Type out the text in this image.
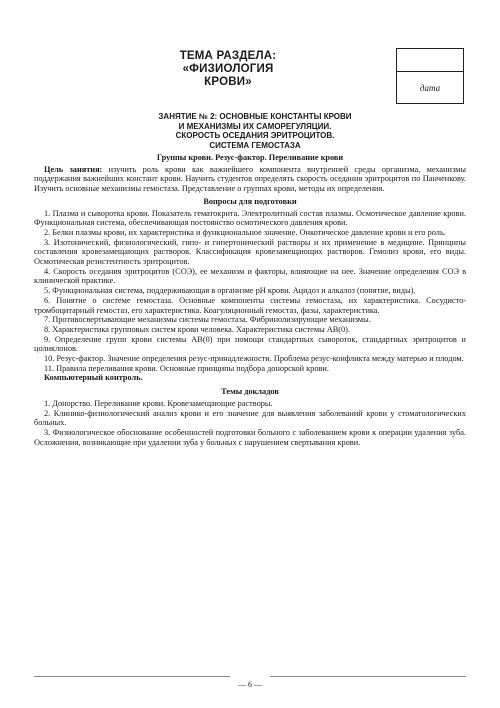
ТЕМА РАЗДЕЛА:
«ФИЗИОЛОГИЯ КРОВИ»	дата
ЗАНЯТИЕ № 2: ОСНОВНЫЕ КОНСТАНТЫ КРОВИ
И МЕХАНИЗМЫ ИХ САМОРЕГУЛЯЦИИ.
СКОРОСТЬ ОСЕДАНИЯ ЭРИТРОЦИТОВ.
СИСТЕМА ГЕМОСТАЗА

Группы крови. Резус-фактор. Переливание крови

Цель занятия: изучить роль крови как важнейшего компонента внутренней среды организма, механизмы поддержания важнейших констант крови. Научить студентов определять скорость оседания эритроцитов по Панченкову. Изучить основные механизмы гемостаза. Представление о группах крови, методы их определения.

Вопросы для подготовки

1. Плазма и сыворотка крови. Показатель гематокрита. Электролитный состав плазмы. Осмотическое давление крови. Функциональная система, обеспечивающая постоянство осмотического давления крови.

2. Белки плазмы крови, их характеристика и функциональное значение. Онкотическое давление крови и его роль.

3. Изотонический, физиологический, гипо- и гипертонический растворы и их применение в медицине. Принципы составления кровезамещающих растворов. Классификация кровезамещающих растворов. Гемолиз крови, его виды. Осмотическая резистентность эритроцитов.

4. Скорость оседания эритроцитов (СОЭ), ее механизм и факторы, влияющие на нее. Значение определения СОЭ в клинической практике.

5. Функциональная система, поддерживающая в организме pH крови. Ацидоз и алкалоз (понятие, виды).

6. Понятие о системе гемостаза. Основные компоненты системы гемостаза, их характеристика. Сосудисто-тромбоцитарный гемостаз, его характеристика. Коагуляционный гемостаз, фазы, характеристика.

7. Противосвертывающие механизмы системы гемостаза. Фибринолизирующие механизмы.

8. Характеристика групповых систем крови человека. Характеристика системы АВ(0).

9. Определение групп крови системы АВ(0) при помощи стандартных сывороток, стандартных эритроцитов и цоликлонов.

10. Резус-фактор. Значение определения резус-принадлежности. Проблема резус-конфликта между матерью и плодом.

11. Правила переливания крови. Основные принципы подбора донорской крови.

Компьютерный контроль.

Темы докладов

1. Донорство. Переливание крови. Кровезамещающие растворы.

2. Клинико-физиологический анализ крови и его значение для выявления заболеваний крови у стоматологических больных.

3. Физиологическое обоснование особенностей подготовки больного с заболеванием крови к операции удаления зуба. Осложнения, возникающие при удалении зуба у больных с нарушением свертывания крови.

— 6 —
